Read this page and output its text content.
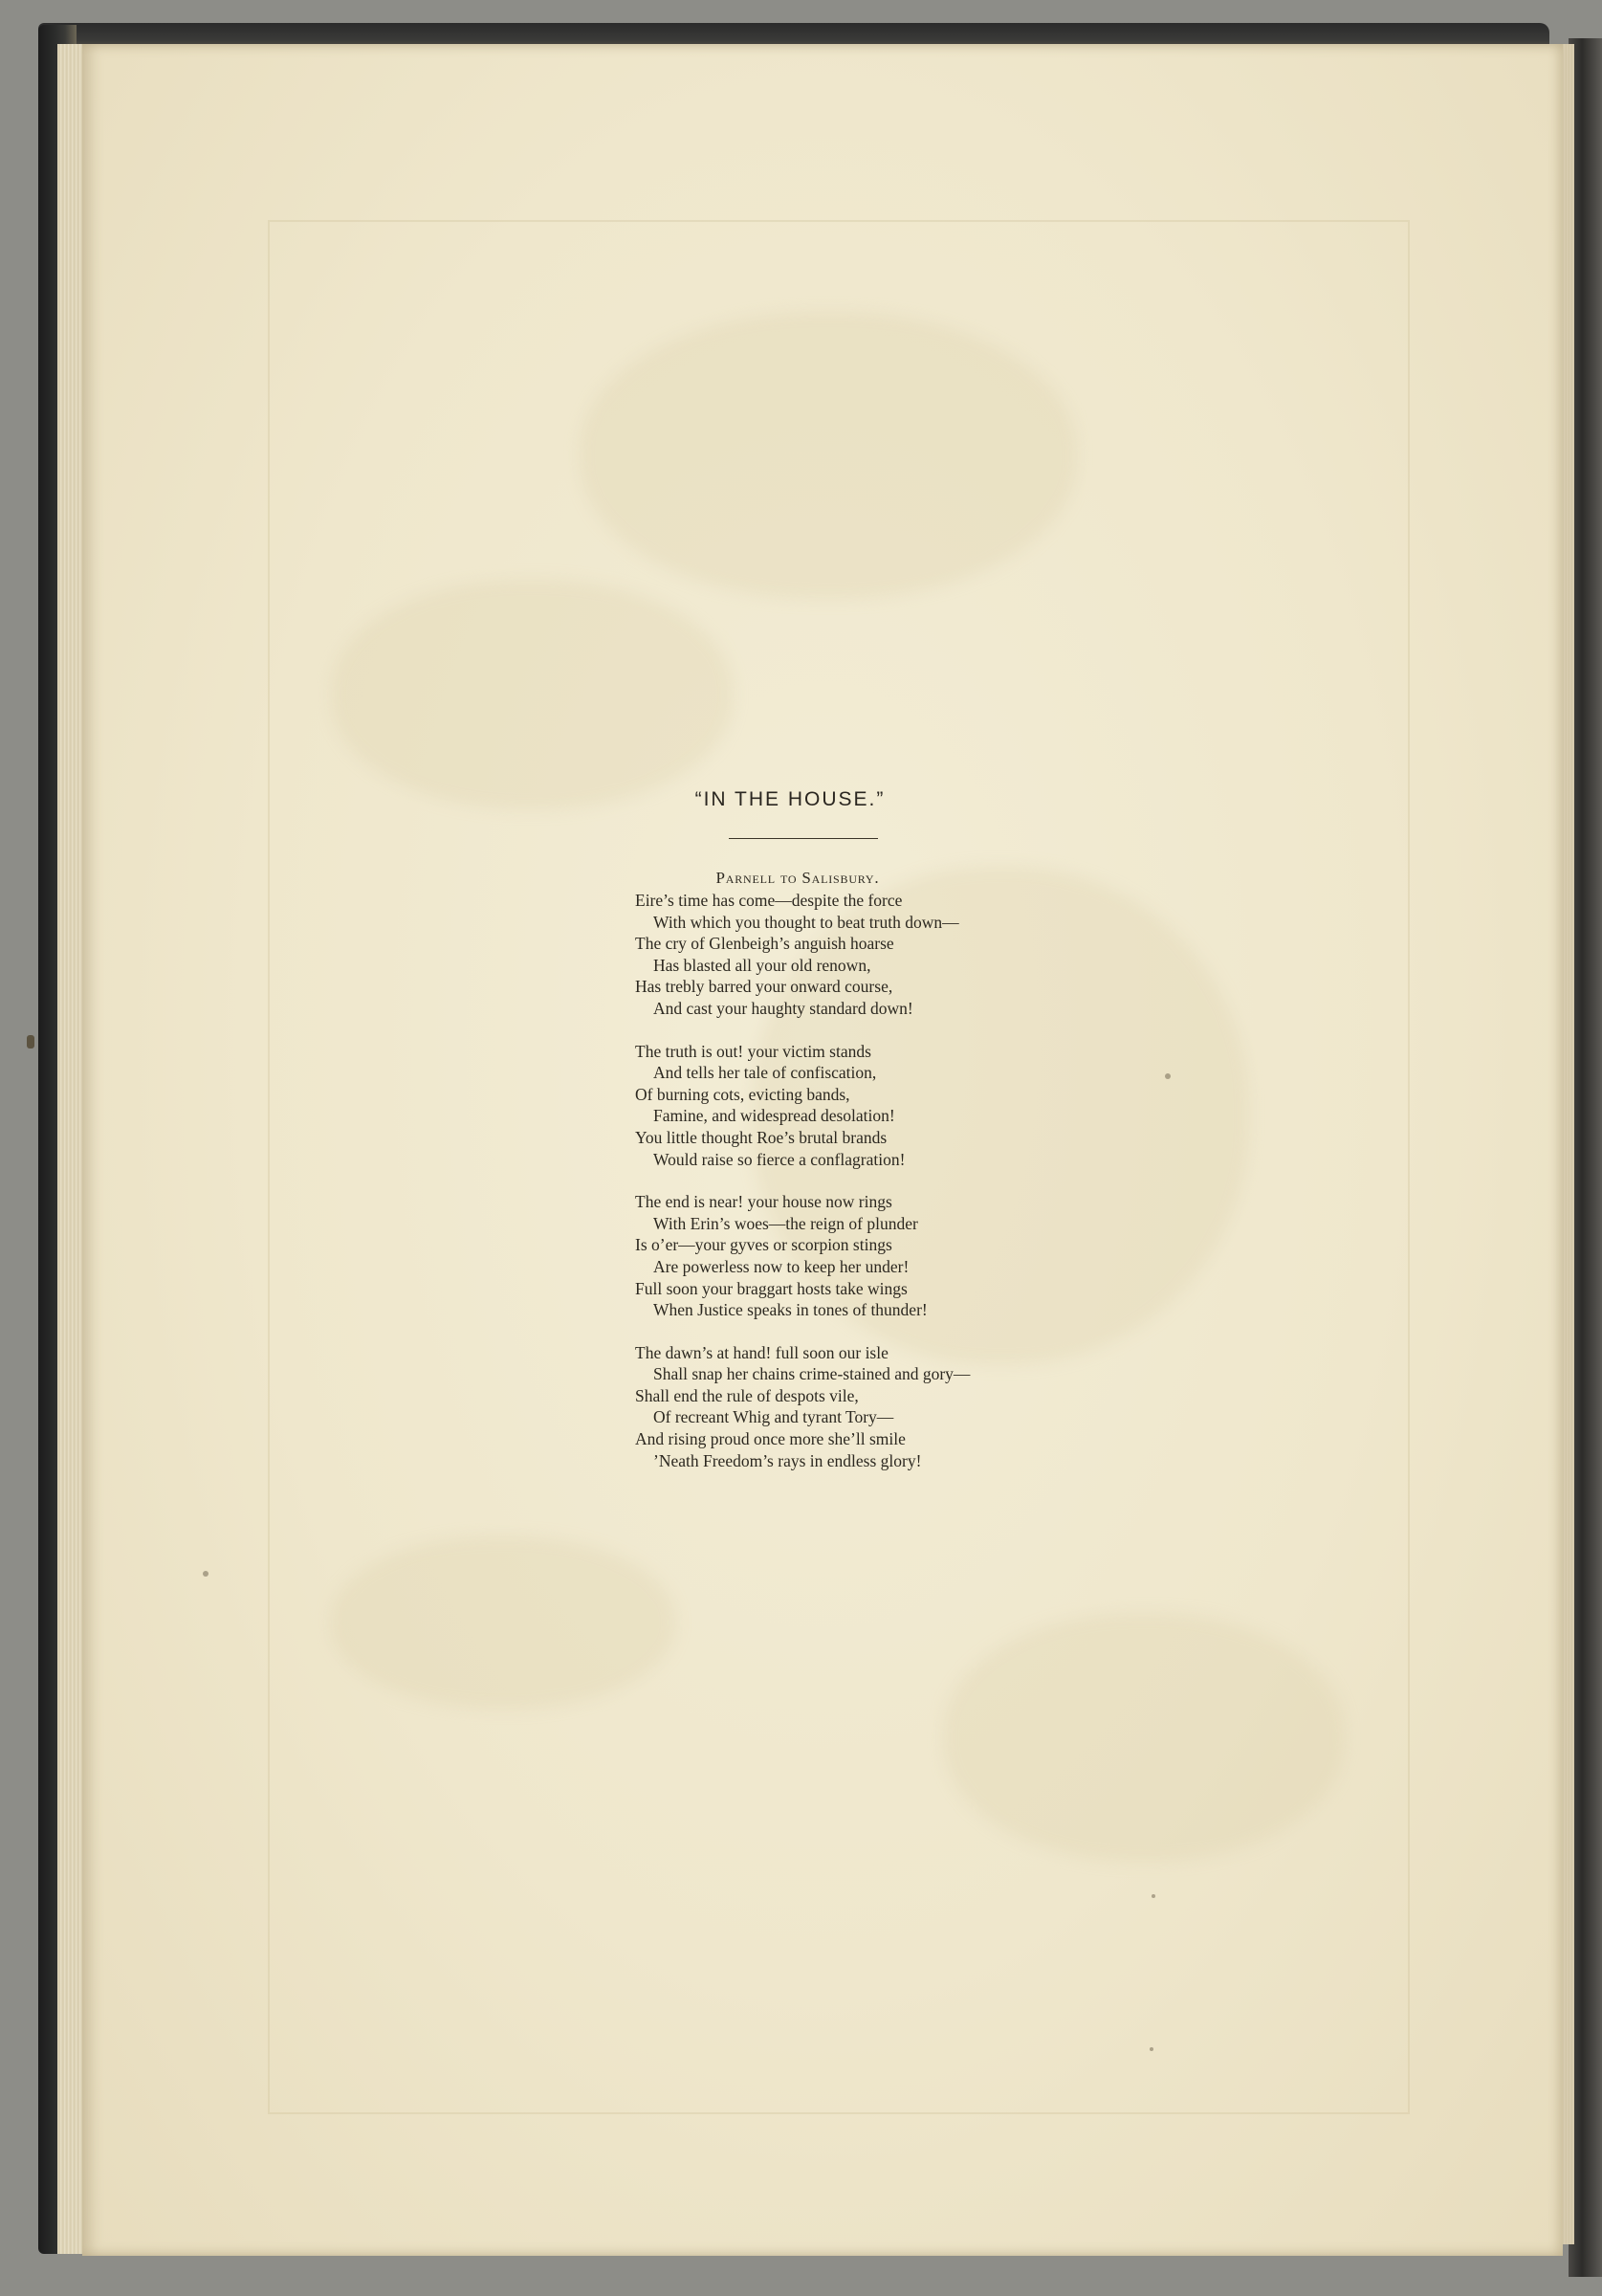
“IN THE HOUSE.”
Parnell to Salisbury.
Eire’s time has come—despite the force
With which you thought to beat truth down—
The cry of Glenbeigh’s anguish hoarse
Has blasted all your old renown,
Has trebly barred your onward course,
And cast your haughty standard down!
The truth is out! your victim stands
And tells her tale of confiscation,
Of burning cots, evicting bands,
Famine, and widespread desolation!
You little thought Roe’s brutal brands
Would raise so fierce a conflagration!
The end is near! your house now rings
With Erin’s woes—the reign of plunder
Is o’er—your gyves or scorpion stings
Are powerless now to keep her under!
Full soon your braggart hosts take wings
When Justice speaks in tones of thunder!
The dawn’s at hand! full soon our isle
Shall snap her chains crime-stained and gory—
Shall end the rule of despots vile,
Of recreant Whig and tyrant Tory—
And rising proud once more she’ll smile
’Neath Freedom’s rays in endless glory!
